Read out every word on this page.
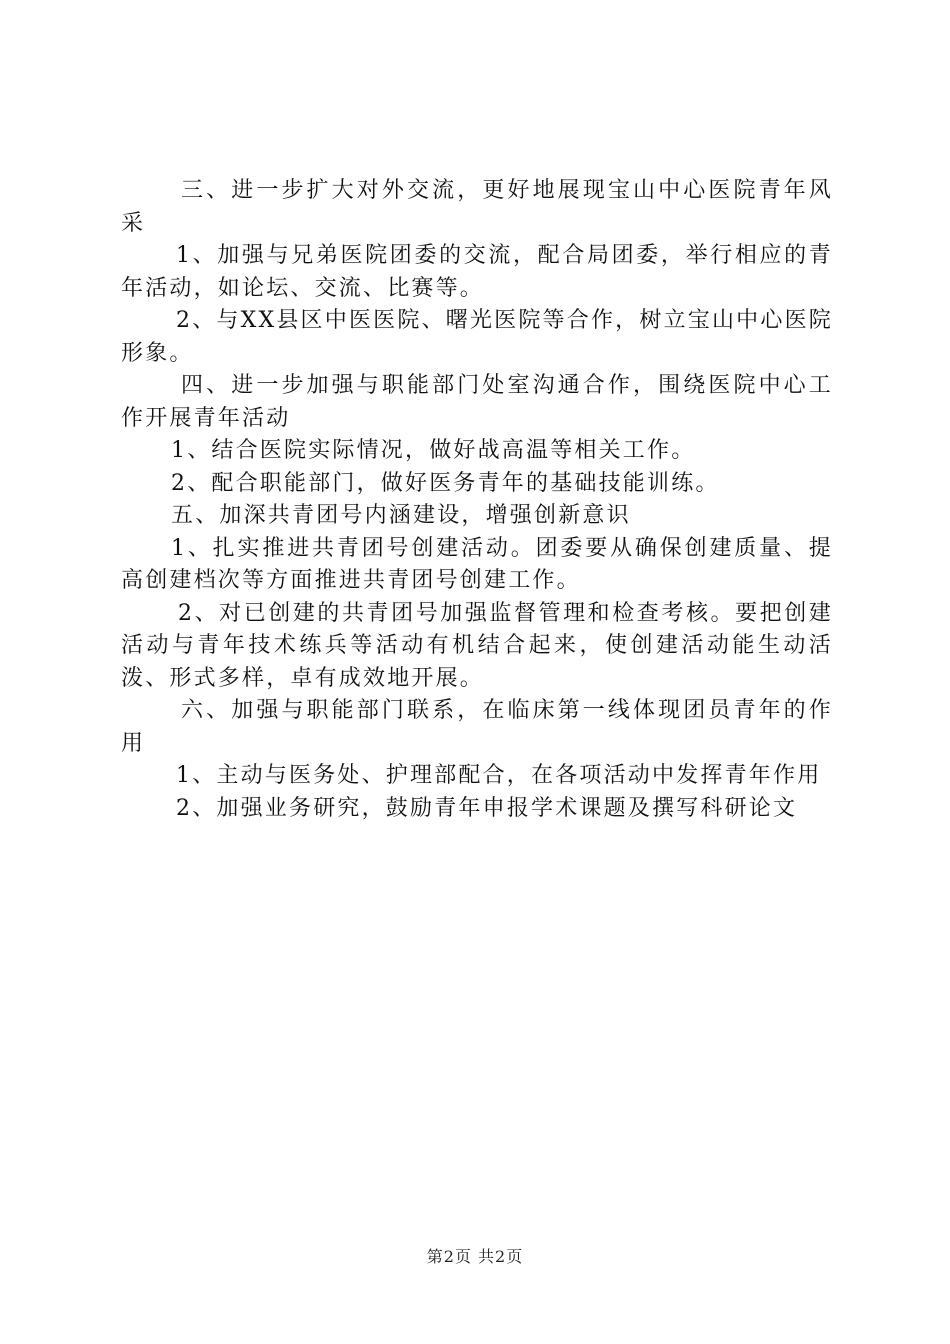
三、进一步扩大对外交流，更好地展现宝山中心医院青年风采

1、加强与兄弟医院团委的交流，配合局团委，举行相应的青年活动，如论坛、交流、比赛等。

2、与XX县区中医医院、曙光医院等合作，树立宝山中心医院形象。

四、进一步加强与职能部门处室沟通合作，围绕医院中心工作开展青年活动

1、结合医院实际情况，做好战高温等相关工作。

2、配合职能部门，做好医务青年的基础技能训练。

五、加深共青团号内涵建设，增强创新意识

1、扎实推进共青团号创建活动。团委要从确保创建质量、提高创建档次等方面推进共青团号创建工作。

2、对已创建的共青团号加强监督管理和检查考核。要把创建活动与青年技术练兵等活动有机结合起来，使创建活动能生动活泼、形式多样，卓有成效地开展。

六、加强与职能部门联系，在临床第一线体现团员青年的作用

1、主动与医务处、护理部配合，在各项活动中发挥青年作用

2、加强业务研究，鼓励青年申报学术课题及撰写科研论文

第2页 共2页
